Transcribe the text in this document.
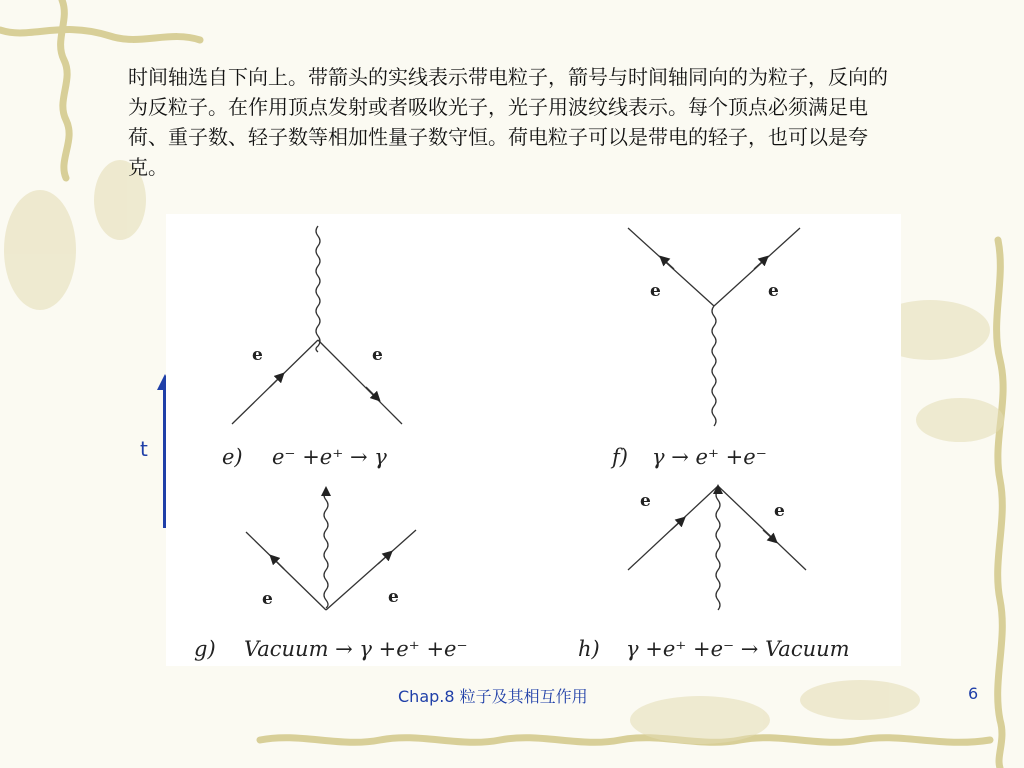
时间轴选自下向上。带箭头的实线表示带电粒子，箭号与时间轴同向的为粒子，反向的为反粒子。在作用顶点发射或者吸收光子，光子用波纹线表示。每个顶点必须满足电荷、重子数、轻子数等相加性量子数守恒。荷电粒子可以是带电的轻子，也可以是夸克。

t
e	e
e	e
e	e
e	e
e) e⁻ +e⁺ → γ	f) γ → e⁺ +e⁻
g) Vacuum → γ +e⁺ +e⁻	h) γ +e⁺ +e⁻ → Vacuum
Chap.8 粒子及其相互作用	6
